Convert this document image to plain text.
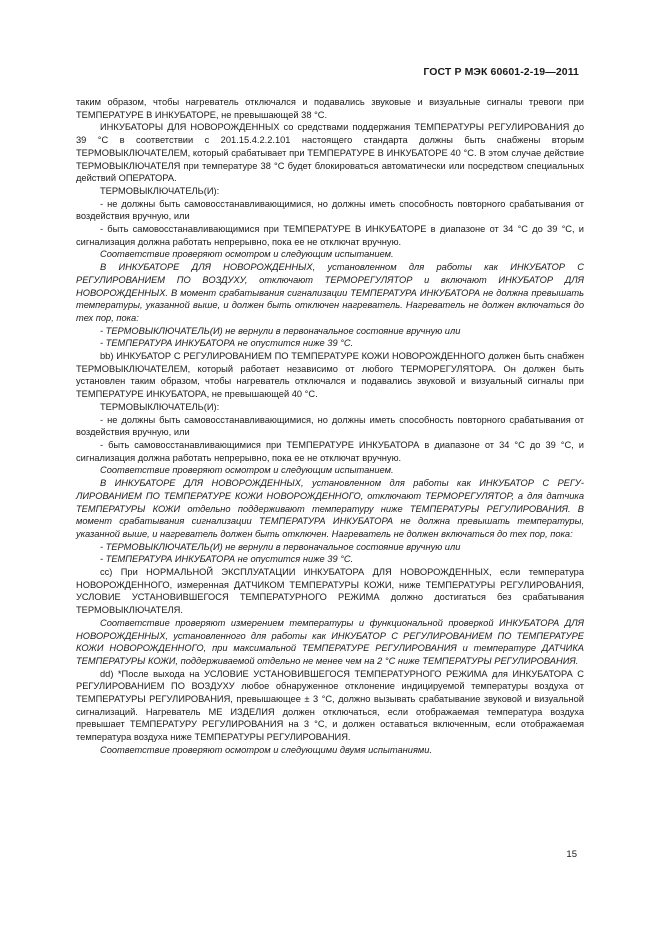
ГОСТ Р МЭК 60601-2-19—2011

таким образом, чтобы нагреватель отключался и подавались звуковые и визуальные сигналы тревоги при ТЕМПЕРАТУРЕ В ИНКУБАТОРЕ, не превышающей 38 °С.

ИНКУБАТОРЫ ДЛЯ НОВОРОЖДЕННЫХ со средствами поддержания ТЕМПЕРАТУРЫ РЕГУЛИРОВАНИЯ до 39 °С в соответствии с 201.15.4.2.2.101 настоящего стандарта должны быть снабжены вторым ТЕРМОВЫКЛЮЧАТЕЛЕМ, который срабатывает при ТЕМПЕРАТУРЕ В ИНКУБАТОРЕ 40 °С. В этом случае действие ТЕРМОВЫКЛЮЧАТЕЛЯ при температуре 38 °С будет блокироваться автоматически или посредством специальных действий ОПЕРАТОРА.

ТЕРМОВЫКЛЮЧАТЕЛЬ(И):

- не должны быть самовосстанавливающимися, но должны иметь способность повторного срабатывания от воздействия вручную, или

- быть самовосстанавливающимися при ТЕМПЕРАТУРЕ В ИНКУБАТОРЕ в диапазоне от 34 °С до 39 °С, и сигнализация должна работать непрерывно, пока ее не отключат вручную.

Соответствие проверяют осмотром и следующим испытанием.

В ИНКУБАТОРЕ ДЛЯ НОВОРОЖДЕННЫХ, установленном для работы как ИНКУБАТОР С РЕГУЛИРОВАНИЕМ ПО ВОЗДУХУ, отключают ТЕРМОРЕГУЛЯТОР и включают ИНКУБАТОР ДЛЯ НОВОРОЖДЕННЫХ. В момент срабатывания сигнализации ТЕМПЕРАТУРА ИНКУБАТОРА не должна превышать температуры, указанной выше, и должен быть отключен нагреватель. Нагреватель не должен включаться до тех пор, пока:

- ТЕРМОВЫКЛЮЧАТЕЛЬ(И) не вернули в первоначальное состояние вручную или

- ТЕМПЕРАТУРА ИНКУБАТОРА не опустится ниже 39 °С.

bb) ИНКУБАТОР С РЕГУЛИРОВАНИЕМ ПО ТЕМПЕРАТУРЕ КОЖИ НОВОРОЖДЕННОГО должен быть снабжен ТЕРМОВЫКЛЮЧАТЕЛЕМ, который работает независимо от любого ТЕРМОРЕГУЛЯТОРА. Он должен быть установлен таким образом, чтобы нагреватель отключался и подавались звуковой и визуальный сигналы при ТЕМПЕРАТУРЕ ИНКУБАТОРА, не превышающей 40 °С.

ТЕРМОВЫКЛЮЧАТЕЛЬ(И):

- не должны быть самовосстанавливающимися, но должны иметь способность повторного срабатывания от воздействия вручную, или

- быть самовосстанавливающимися при ТЕМПЕРАТУРЕ ИНКУБАТОРА в диапазоне от 34 °С до 39 °С, и сигнализация должна работать непрерывно, пока ее не отключат вручную.

Соответствие проверяют осмотром и следующим испытанием.

В ИНКУБАТОРЕ ДЛЯ НОВОРОЖДЕННЫХ, установленном для работы как ИНКУБАТОР С РЕГУЛИРОВАНИЕМ ПО ТЕМПЕРАТУРЕ КОЖИ НОВОРОЖДЕННОГО, отключают ТЕРМОРЕГУЛЯТОР, а для датчика ТЕМПЕРАТУРЫ КОЖИ отдельно поддерживают температуру ниже ТЕМПЕРАТУРЫ РЕГУЛИРОВАНИЯ. В момент срабатывания сигнализации ТЕМПЕРАТУРА ИНКУБАТОРА не должна превышать температуры, указанной выше, и нагреватель должен быть отключен. Нагреватель не должен включаться до тех пор, пока:

- ТЕРМОВЫКЛЮЧАТЕЛЬ(И) не вернули в первоначальное состояние вручную или

- ТЕМПЕРАТУРА ИНКУБАТОРА не опустится ниже 39 °С.

cc) При НОРМАЛЬНОЙ ЭКСПЛУАТАЦИИ ИНКУБАТОРА ДЛЯ НОВОРОЖДЕННЫХ, если температура НОВОРОЖДЕННОГО, измеренная ДАТЧИКОМ ТЕМПЕРАТУРЫ КОЖИ, ниже ТЕМПЕРАТУРЫ РЕГУЛИРОВАНИЯ, УСЛОВИЕ УСТАНОВИВШЕГОСЯ ТЕМПЕРАТУРНОГО РЕЖИМА должно достигаться без срабатывания ТЕРМОВЫКЛЮЧАТЕЛЯ.

Соответствие проверяют измерением температуры и функциональной проверкой ИНКУБАТОРА ДЛЯ НОВОРОЖДЕННЫХ, установленного для работы как ИНКУБАТОР С РЕГУЛИРОВАНИЕМ ПО ТЕМПЕРАТУРЕ КОЖИ НОВОРОЖДЕННОГО, при максимальной ТЕМПЕРАТУРЕ РЕГУЛИРОВАНИЯ и температуре ДАТЧИКА ТЕМПЕРАТУРЫ КОЖИ, поддерживаемой отдельно не менее чем на 2 °С ниже ТЕМПЕРАТУРЫ РЕГУЛИРОВАНИЯ.

dd) *После выхода на УСЛОВИЕ УСТАНОВИВШЕГОСЯ ТЕМПЕРАТУРНОГО РЕЖИМА для ИНКУБАТОРА С РЕГУЛИРОВАНИЕМ ПО ВОЗДУХУ любое обнаруженное отклонение индицируемой температуры воздуха от ТЕМПЕРАТУРЫ РЕГУЛИРОВАНИЯ, превышающее ± 3 °С, должно вызывать срабатывание звуковой и визуальной сигнализаций. Нагреватель МЕ ИЗДЕЛИЯ должен отключаться, если отображаемая температура воздуха превышает ТЕМПЕРАТУРУ РЕГУЛИРОВАНИЯ на 3 °С, и должен оставаться включенным, если отображаемая температура воздуха ниже ТЕМПЕРАТУРЫ РЕГУЛИРОВАНИЯ.

Соответствие проверяют осмотром и следующими двумя испытаниями.

15
